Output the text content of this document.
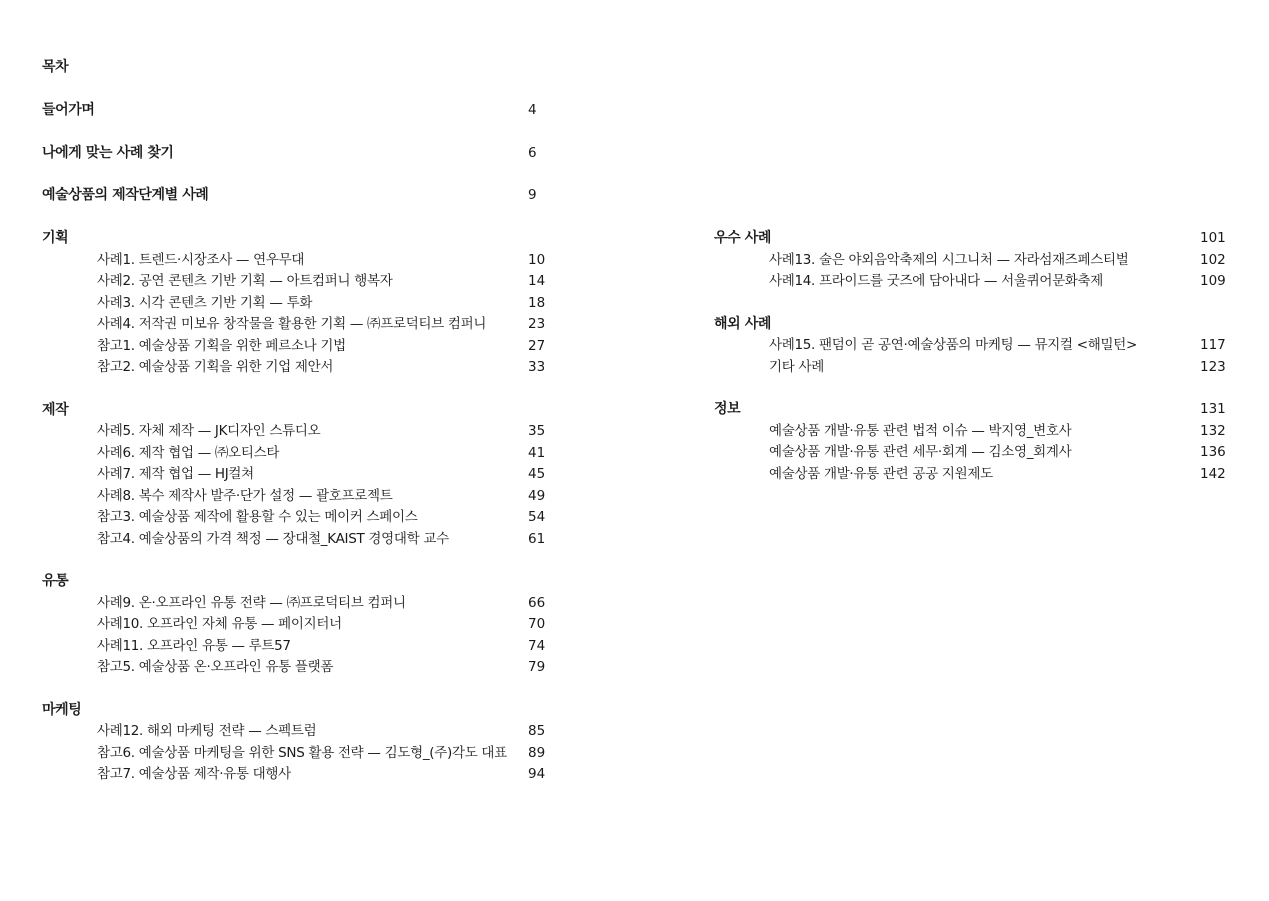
목차
들어가며	4
나에게 맞는 사례 찾기	6
예술상품의 제작단계별 사례	9
기획
사례1. 트렌드·시장조사 — 연우무대	10
사례2. 공연 콘텐츠 기반 기획 — 아트컴퍼니 행복자	14
사례3. 시각 콘텐츠 기반 기획 — 투화	18
사례4. 저작권 미보유 창작물을 활용한 기획 — ㈜프로덕티브 컴퍼니	23
참고1. 예술상품 기획을 위한 페르소나 기법	27
참고2. 예술상품 기획을 위한 기업 제안서	33
제작
사례5. 자체 제작 — JK디자인 스튜디오	35
사례6. 제작 협업 — ㈜오티스타	41
사례7. 제작 협업 — HJ컬쳐	45
사례8. 복수 제작사 발주·단가 설정 — 괄호프로젝트	49
참고3. 예술상품 제작에 활용할 수 있는 메이커 스페이스	54
참고4. 예술상품의 가격 책정 — 장대철_KAIST 경영대학 교수	61
유통
사례9. 온·오프라인 유통 전략 — ㈜프로덕티브 컴퍼니	66
사례10. 오프라인 자체 유통 — 페이지터너	70
사례11. 오프라인 유통 — 루트57	74
참고5. 예술상품 온·오프라인 유통 플랫폼	79
마케팅
사례12. 해외 마케팅 전략 — 스펙트럼	85
참고6. 예술상품 마케팅을 위한 SNS 활용 전략 — 김도형_(주)각도 대표 89
참고7. 예술상품 제작·유통 대행사	94
우수 사례	101
사례13. 술은 야외음악축제의 시그니처 — 자라섬재즈페스티벌	102
사례14. 프라이드를 굿즈에 담아내다 — 서울퀴어문화축제	109
해외 사례
사례15. 팬덤이 곧 공연·예술상품의 마케팅 — 뮤지컬 <해밀턴>	117
기타 사례	123
정보	131
예술상품 개발·유통 관련 법적 이슈 — 박지영_변호사	132
예술상품 개발·유통 관련 세무·회계 — 김소영_회계사	136
예술상품 개발·유통 관련 공공 지원제도	142
